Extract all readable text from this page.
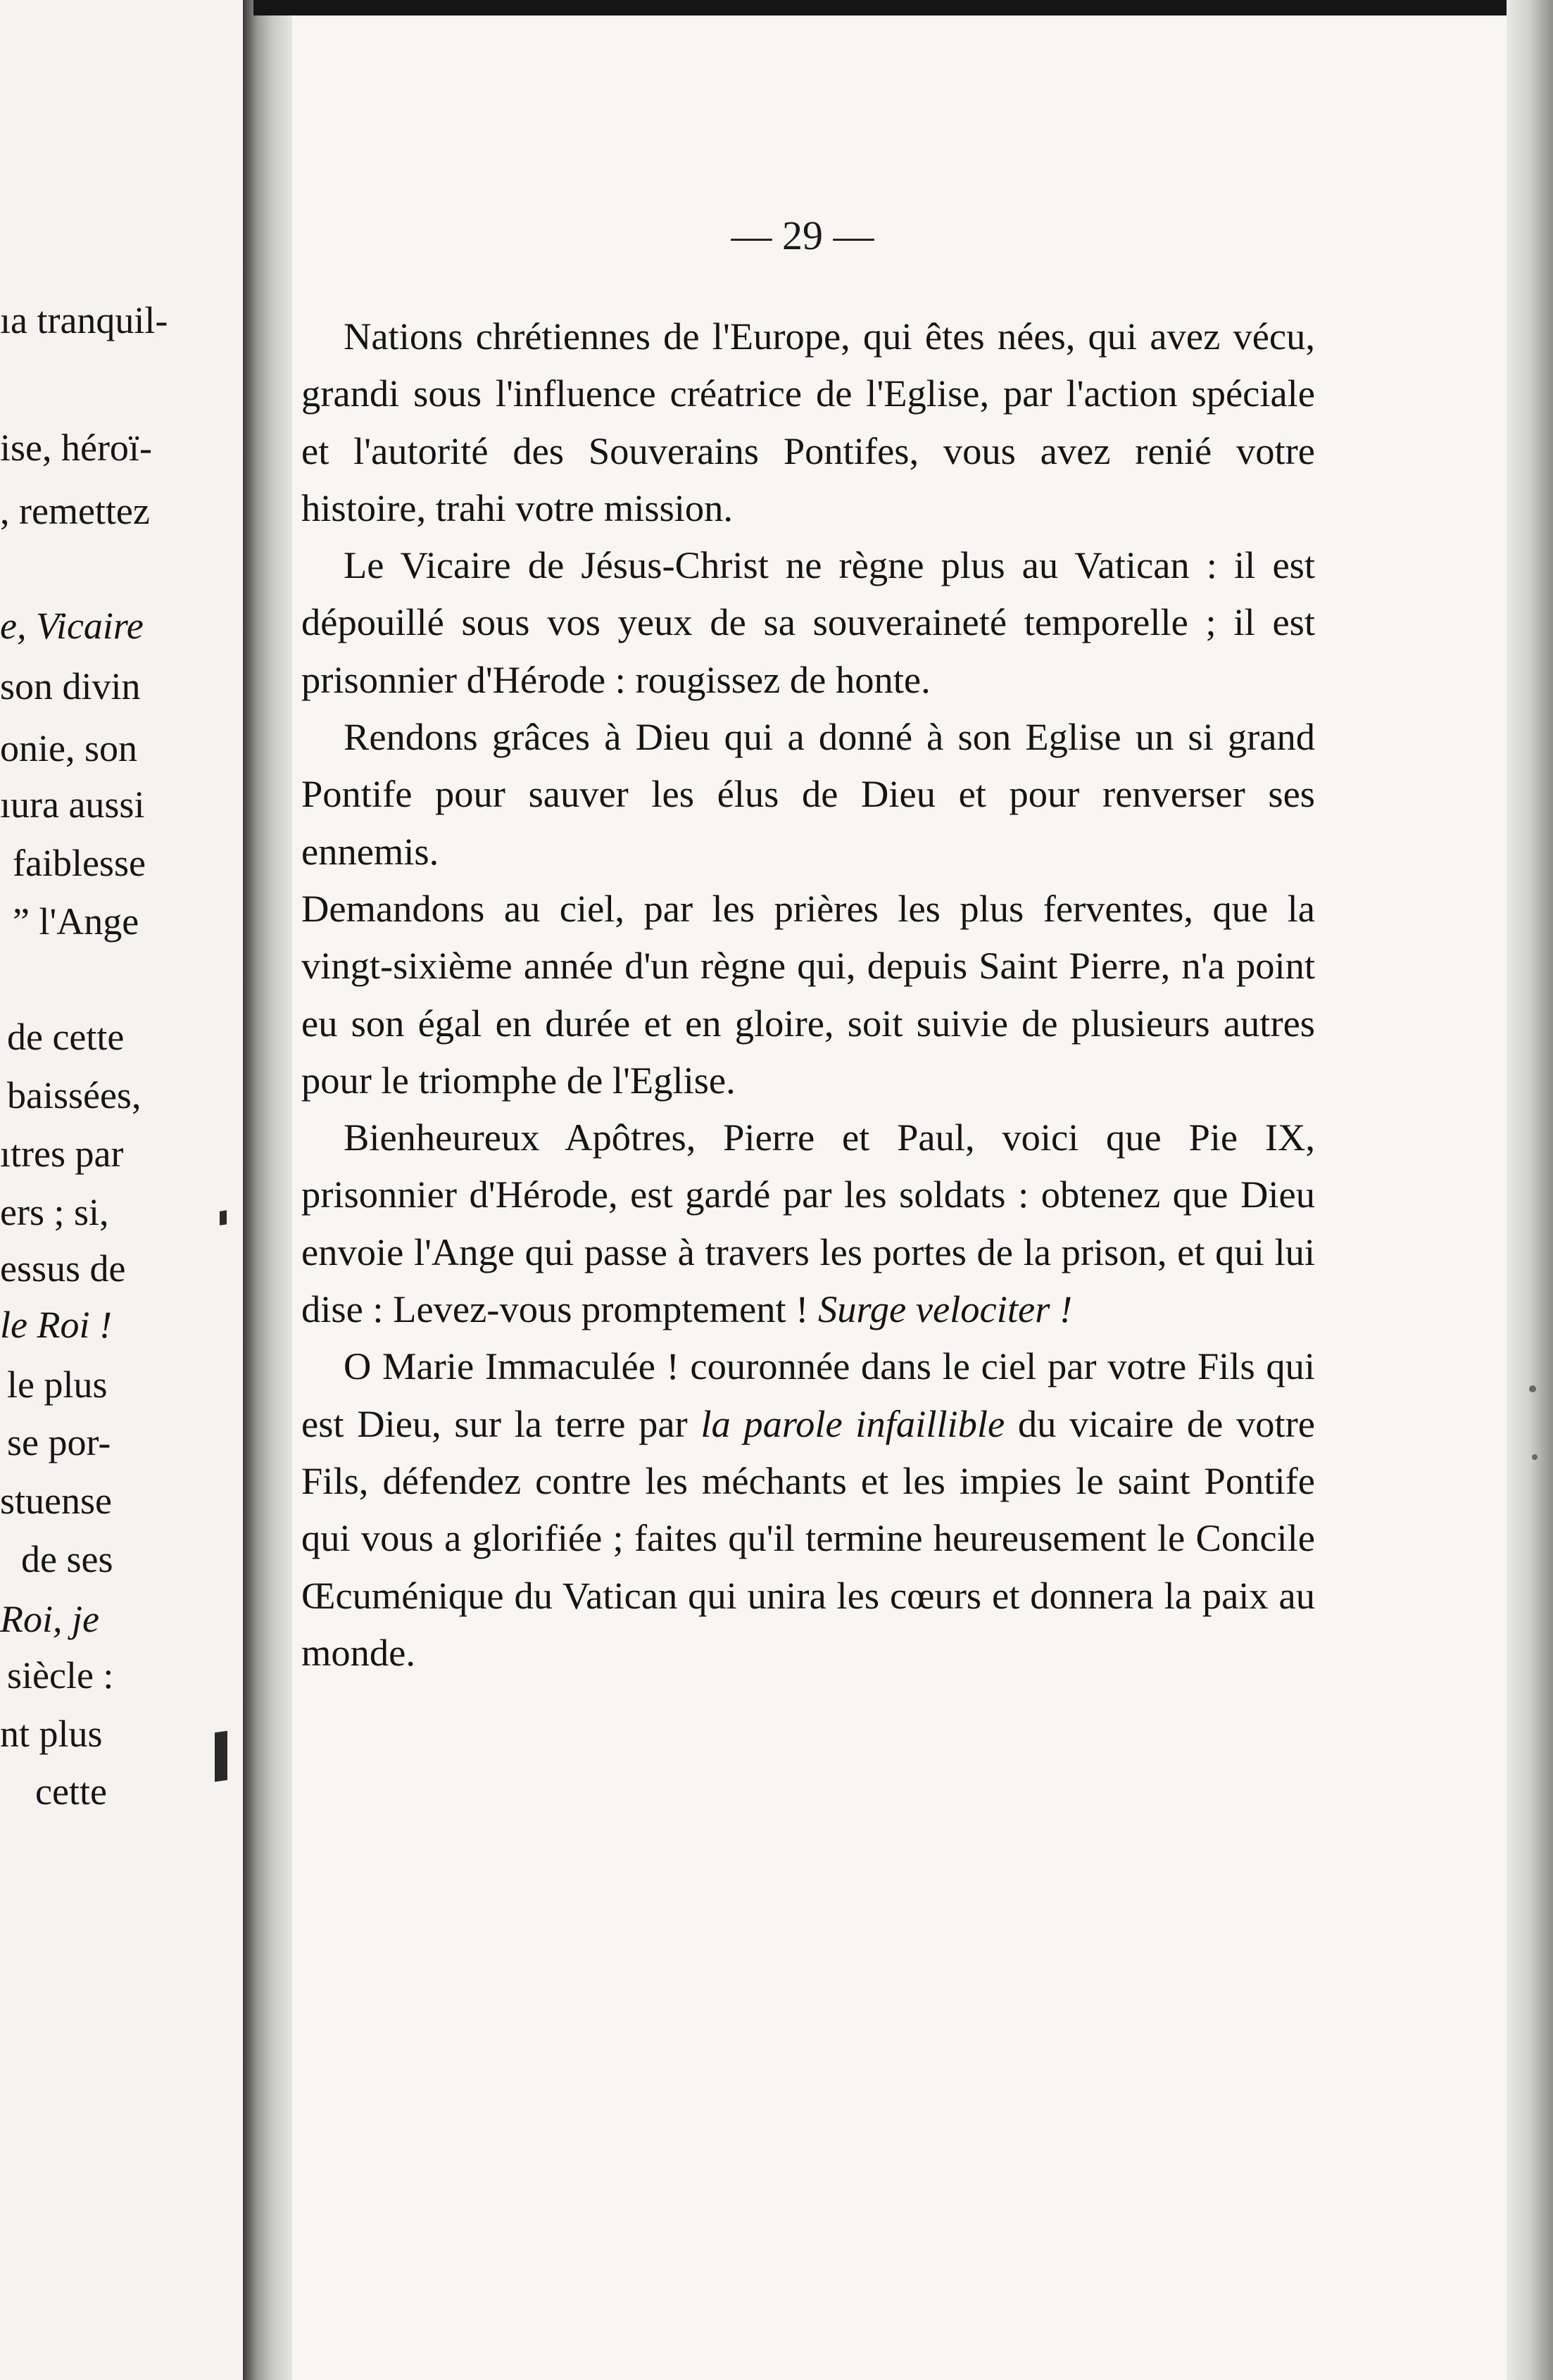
ıa tranquil-
ise, héroï-
, remettez
e, Vicaire
son divin
onie, son
ıura aussi
faiblesse
” l'Ange
de cette
baissées,
ıtres par
ers ; si,
essus de
le Roi !
le plus
se por-
stuense
de ses
Roi, je
siècle :
nt plus
cette
— 29 —

Nations chrétiennes de l'Europe, qui êtes nées, qui avez vécu, grandi sous l'influence créatrice de l'Eglise, par l'action spéciale et l'autorité des Souverains Pontifes, vous avez renié votre histoire, trahi votre mission.

Le Vicaire de Jésus-Christ ne règne plus au Vatican : il est dépouillé sous vos yeux de sa souveraineté temporelle ; il est prisonnier d'Hérode : rougissez de honte.

Rendons grâces à Dieu qui a donné à son Eglise un si grand Pontife pour sauver les élus de Dieu et pour renverser ses ennemis.

Demandons au ciel, par les prières les plus ferventes, que la vingt-sixième année d'un règne qui, depuis Saint Pierre, n'a point eu son égal en durée et en gloire, soit suivie de plusieurs autres pour le triomphe de l'Eglise.

Bienheureux Apôtres, Pierre et Paul, voici que Pie IX, prisonnier d'Hérode, est gardé par les soldats : obtenez que Dieu envoie l'Ange qui passe à travers les portes de la prison, et qui lui dise : Levez-vous promptement ! Surge velociter !

O Marie Immaculée ! couronnée dans le ciel par votre Fils qui est Dieu, sur la terre par la parole infaillible du vicaire de votre Fils, défendez contre les méchants et les impies le saint Pontife qui vous a glorifiée ; faites qu'il termine heureusement le Concile Œcuménique du Vatican qui unira les cœurs et donnera la paix au monde.
